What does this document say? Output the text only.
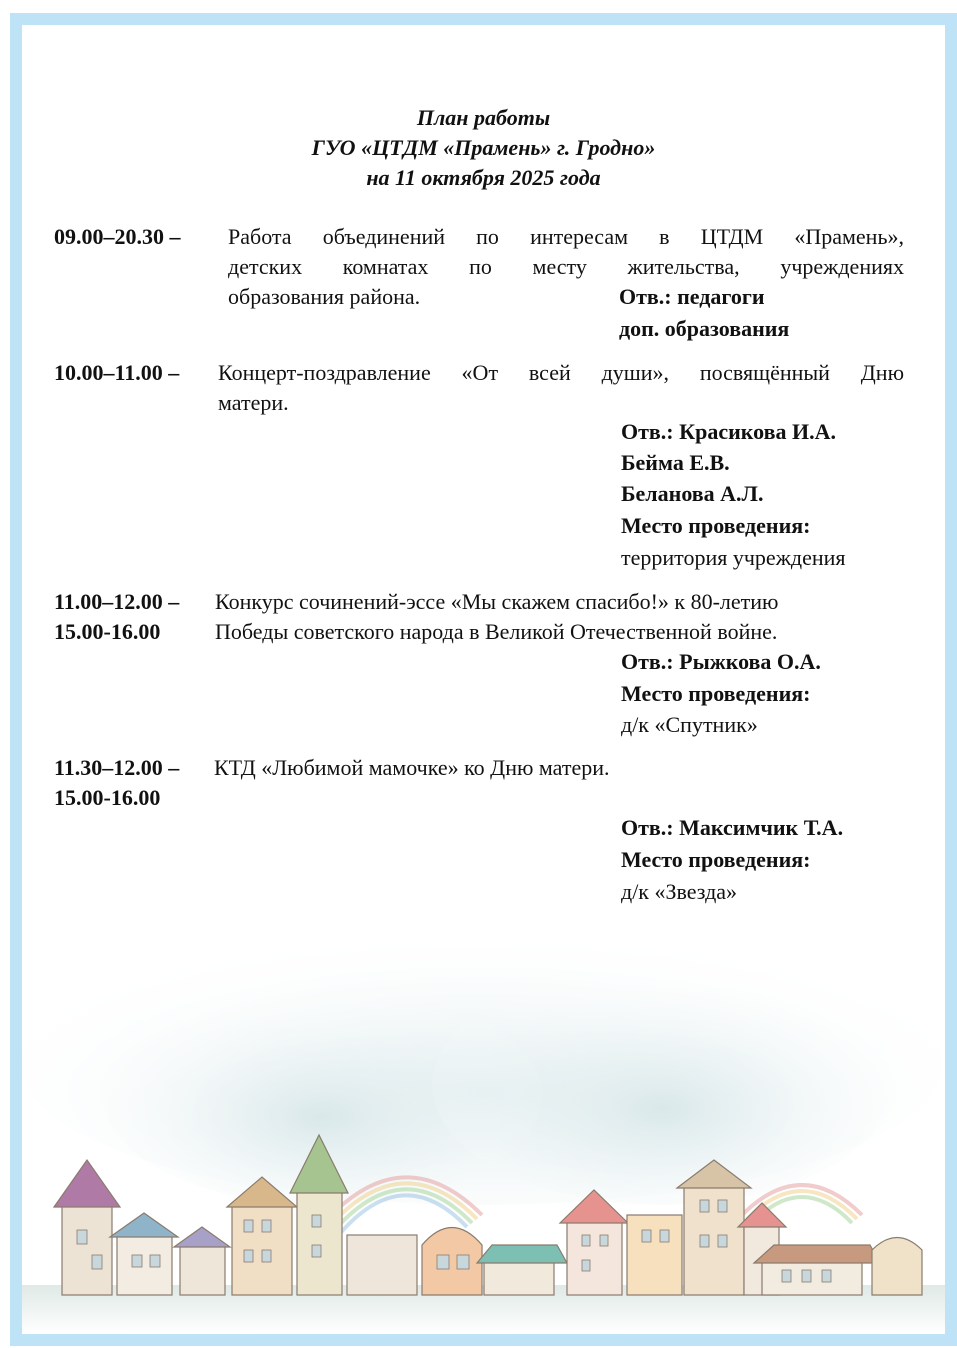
План работы
ГУО «ЦТДМ «Прамень» г. Гродно»
на 11 октября 2025 года
09.00–20.30 – Работа объединений по интересам в ЦТДМ «Прамень»,
детских комнатах по месту жительства, учреждениях
образования района.	Отв.: педагоги
доп. образования
10.00–11.00 – Концерт-поздравление «От всей души», посвящённый Дню
матери.
Отв.: Красикова И.А.
Бейма Е.В.
Беланова А.Л.
Место проведения:
территория учреждения
11.00–12.00 –
15.00-16.00
Конкурс сочинений-эссе «Мы скажем спасибо!» к 80-летию
Победы советского народа в Великой Отечественной войне.
Отв.: Рыжкова О.А.
Место проведения:
д/к «Спутник»
11.30–12.00 –
15.00-16.00
КТД «Любимой мамочке» ко Дню матери.
Отв.: Максимчик Т.А.
Место проведения:
д/к «Звезда»
